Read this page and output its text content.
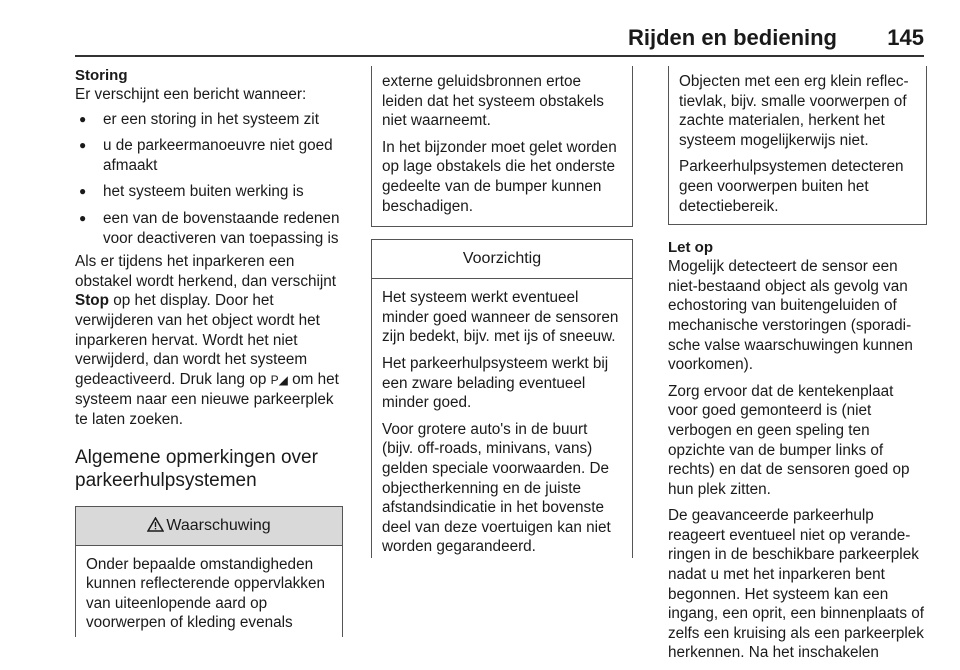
Rijden en bediening 145
Storing

Er verschijnt een bericht wanneer:

● er een storing in het systeem zit
● u de parkeermanoeuvre niet goed afmaakt
● het systeem buiten werking is
● een van de bovenstaande redenen voor deactiveren van toepassing is

Als er tijdens het inparkeren een obstakel wordt herkend, dan verschijnt Stop op het display. Door het verwijderen van het object wordt het inparkeren hervat. Wordt het niet verwijderd, dan wordt het systeem gedeactiveerd. Druk lang op P◢ om het systeem naar een nieuwe parkeerplek te laten zoeken.

Algemene opmerkingen over parkeerhulpsystemen
Waarschuwing

Onder bepaalde omstandigheden kunnen reflecterende oppervlakken van uiteenlopende aard op voorwerpen of kleding evenals

externe geluidsbronnen ertoe leiden dat het systeem obstakels niet waarneemt.

In het bijzonder moet gelet worden op lage obstakels die het onderste gedeelte van de bumper kunnen beschadigen.

Voorzichtig

Het systeem werkt eventueel minder goed wanneer de sensoren zijn bedekt, bijv. met ijs of sneeuw.

Het parkeerhulpsysteem werkt bij een zware belading eventueel minder goed.

Voor grotere auto's in de buurt (bijv. off-roads, minivans, vans) gelden speciale voorwaarden. De objectherkenning en de juiste afstandsindicatie in het bovenste deel van deze voertuigen kan niet worden gegarandeerd.

Objecten met een erg klein reflectievlak, bijv. smalle voorwerpen of zachte materialen, herkent het systeem mogelijkerwijs niet.

Parkeerhulpsystemen detecteren geen voorwerpen buiten het detectiebereik.

Let op

Mogelijk detecteert de sensor een niet-bestaand object als gevolg van echostoring van buitengeluiden of mechanische verstoringen (sporadische valse waarschuwingen kunnen voorkomen).

Zorg ervoor dat de kentekenplaat voor goed gemonteerd is (niet verbogen en geen speling ten opzichte van de bumper links of rechts) en dat de sensoren goed op hun plek zitten.

De geavanceerde parkeerhulp reageert eventueel niet op veranderingen in de beschikbare parkeerplek nadat u met het inparkeren bent begonnen. Het systeem kan een ingang, een oprit, een binnenplaats of zelfs een kruising als een parkeerplek herkennen. Na het inschakelen
